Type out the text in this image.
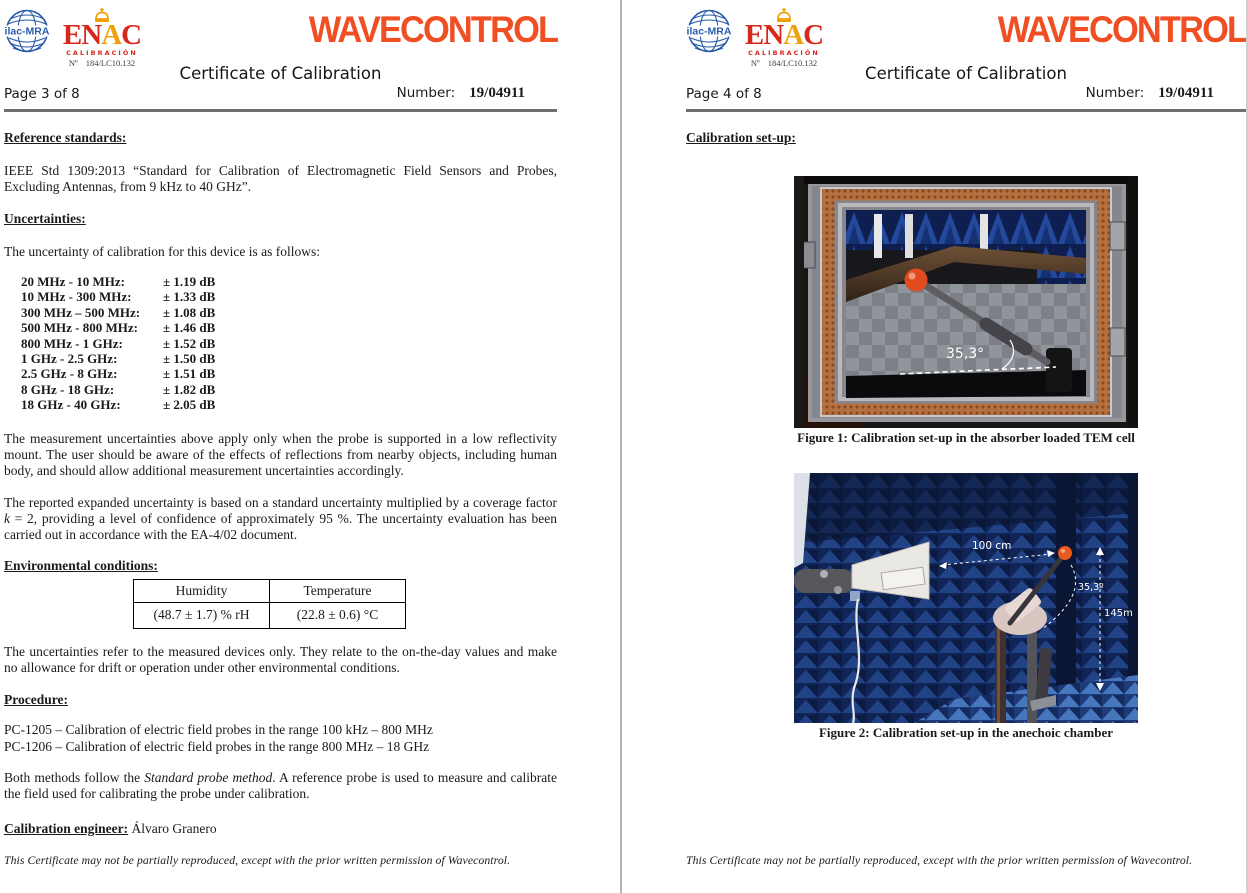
ilac-MRA ENAC
CALIBRACIÓN
Nº 184/LC10.132
WAVECONTROL
Certificate of Calibration
Page 3 of 8	Number: 19/04911
Reference standards:

IEEE Std 1309:2013 “Standard for Calibration of Electromagnetic Field Sensors and Probes, Excluding Antennas, from 9 kHz to 40 GHz”.

Uncertainties:

The uncertainty of calibration for this device is as follows:

20 MHz - 10 MHz:	± 1.19 dB
10 MHz - 300 MHz:	± 1.33 dB
300 MHz – 500 MHz:	± 1.08 dB
500 MHz - 800 MHz:	± 1.46 dB
800 MHz - 1 GHz:	± 1.52 dB
1 GHz - 2.5 GHz:	± 1.50 dB
2.5 GHz - 8 GHz:	± 1.51 dB
8 GHz - 18 GHz:	± 1.82 dB
18 GHz - 40 GHz:	± 2.05 dB

The measurement uncertainties above apply only when the probe is supported in a low reflectivity mount. The user should be aware of the effects of reflections from nearby objects, including human body, and should allow additional measurement uncertainties accordingly.

The reported expanded uncertainty is based on a standard uncertainty multiplied by a coverage factor k = 2, providing a level of confidence of approximately 95 %. The uncertainty evaluation has been carried out in accordance with the EA-4/02 document.

Environmental conditions:
Humidity	Temperature
(48.7 ± 1.7) % rH	(22.8 ± 0.6) °C

The uncertainties refer to the measured devices only. They relate to the on-the-day values and make no allowance for drift or operation under other environmental conditions.

Procedure:
PC-1205 – Calibration of electric field probes in the range 100 kHz – 800 MHz
PC-1206 – Calibration of electric field probes in the range 800 MHz – 18 GHz

Both methods follow the Standard probe method. A reference probe is used to measure and calibrate the field used for calibrating the probe under calibration.

Calibration engineer: Álvaro Granero
This Certificate may not be partially reproduced, except with the prior written permission of Wavecontrol.
ilac-MRA ENAC
CALIBRACIÓN
Nº 184/LC10.132
WAVECONTROL
Certificate of Calibration
Page 4 of 8	Number: 19/04911
Calibration set-up:
35,3°
Figure 1: Calibration set-up in the absorber loaded TEM cell
100 cm
35,3º
145m
Figure 2: Calibration set-up in the anechoic chamber
This Certificate may not be partially reproduced, except with the prior written permission of Wavecontrol.
